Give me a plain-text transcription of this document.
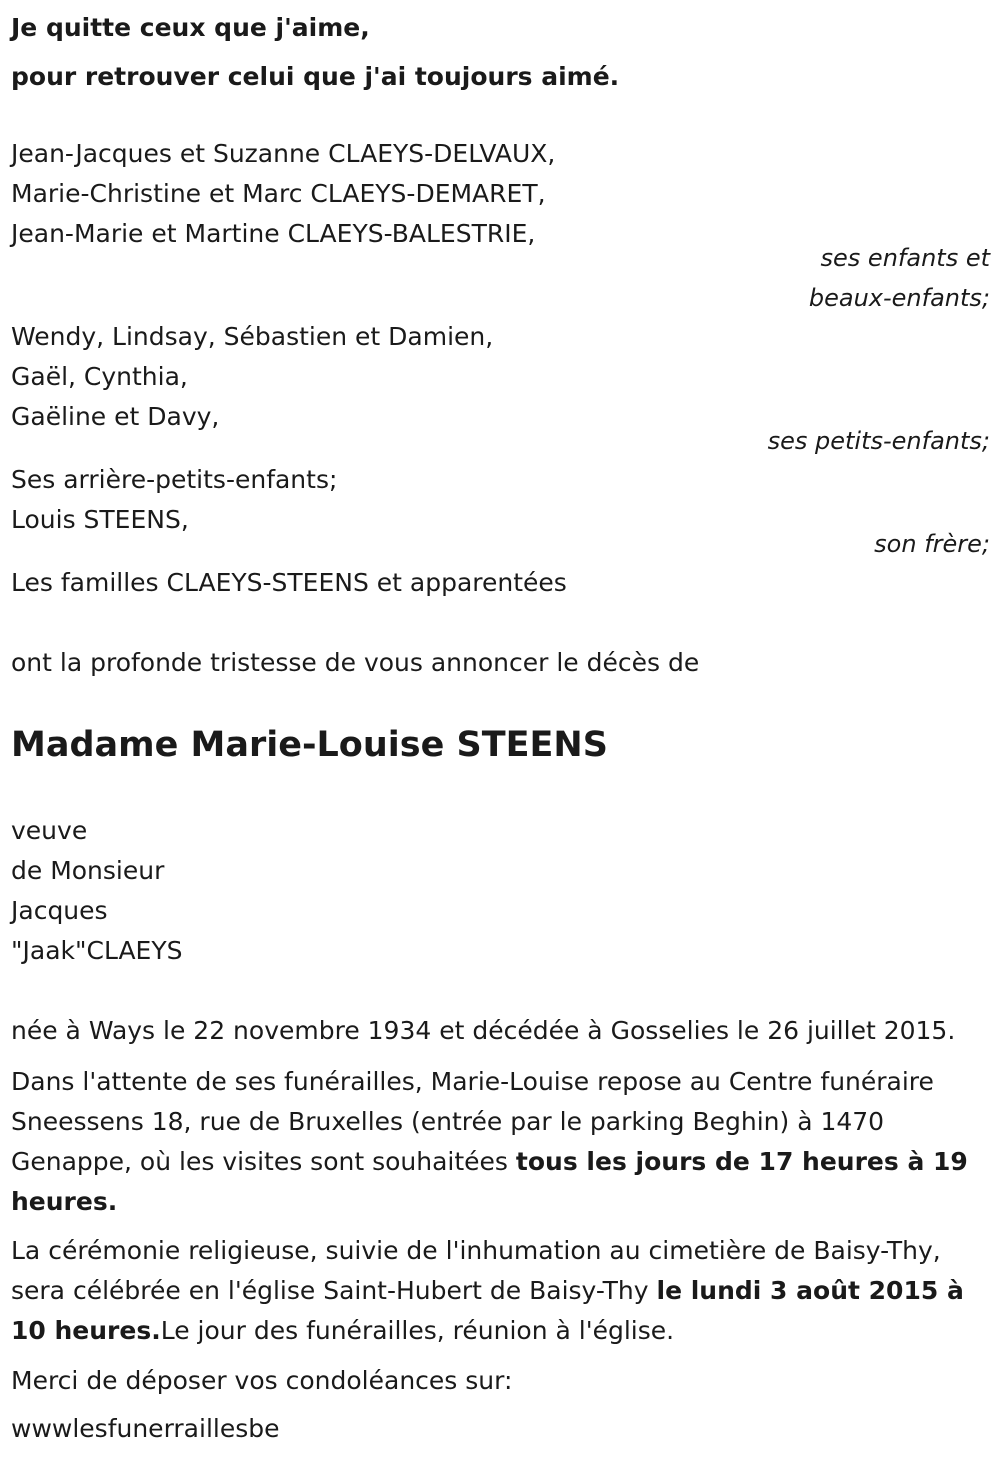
Je quitte ceux que j'aime,
pour retrouver celui que j'ai toujours aimé.
Jean-Jacques et Suzanne CLAEYS-DELVAUX,
Marie-Christine et Marc CLAEYS-DEMARET,
Jean-Marie et Martine CLAEYS-BALESTRIE,
ses enfants et
beaux-enfants;
Wendy, Lindsay, Sébastien et Damien,
Gaël, Cynthia,
Gaëline et Davy,
ses petits-enfants;
Ses arrière-petits-enfants;
Louis STEENS,
son frère;
Les familles CLAEYS-STEENS et apparentées
ont la profonde tristesse de vous annoncer le décès de
Madame Marie-Louise STEENS
veuve
de Monsieur
Jacques
"Jaak"CLAEYS
née à Ways le 22 novembre 1934 et décédée à Gosselies le 26 juillet 2015.
Dans l'attente de ses funérailles, Marie-Louise repose au Centre funéraire Sneessens 18, rue de Bruxelles (entrée par le parking Beghin) à 1470 Genappe, où les visites sont souhaitées tous les jours de 17 heures à 19 heures.
La cérémonie religieuse, suivie de l'inhumation au cimetière de Baisy-Thy, sera célébrée en l'église Saint-Hubert de Baisy-Thy le lundi 3 août 2015 à 10 heures.Le jour des funérailles, réunion à l'église.
Merci de déposer vos condoléances sur:
wwwlesfunerraillesbe
